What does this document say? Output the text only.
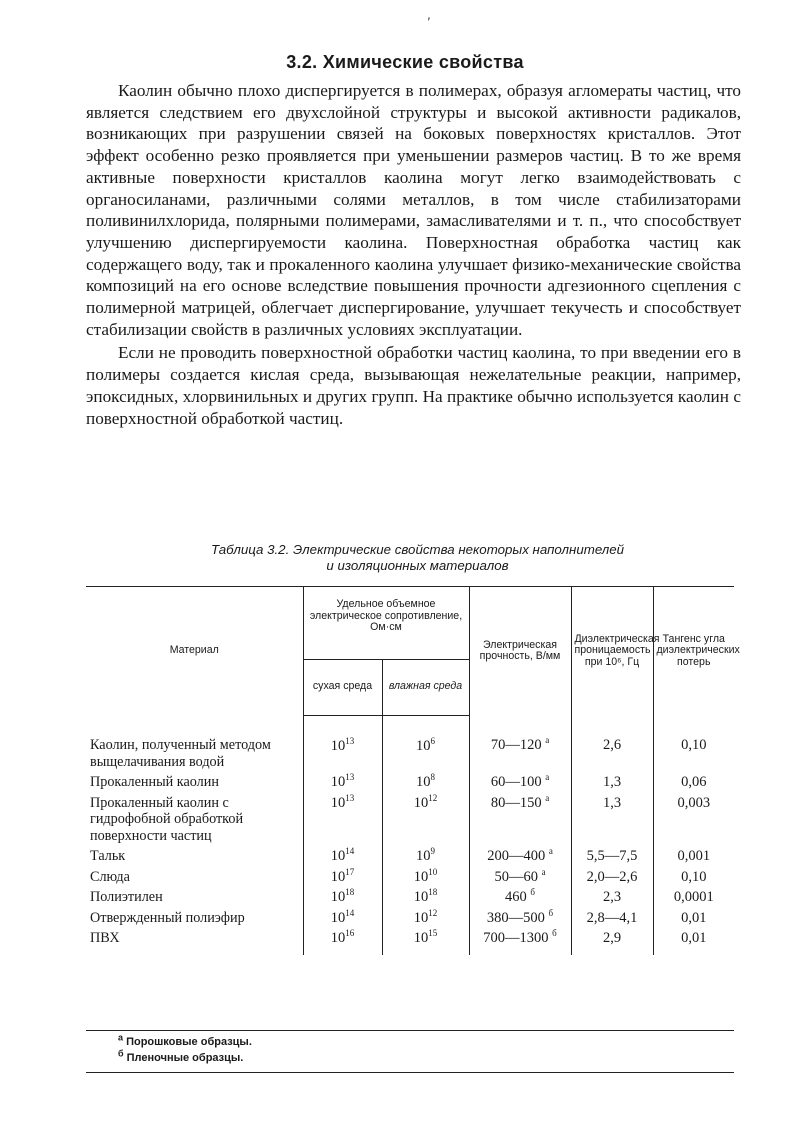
'
3.2. Химические свойства

Каолин обычно плохо диспергируется в полимерах, образуя агломераты частиц, что является следствием его двухслойной структуры и высокой активности радикалов, возникающих при разрушении связей на боковых поверхностях кристаллов. Этот эффект особенно резко проявляется при уменьшении размеров частиц. В то же время активные поверхности кристаллов каолина могут легко взаимодействовать с органосиланами, различными солями металлов, в том числе стабилизаторами поливинилхлорида, полярными полимерами, замасливателями и т. п., что способствует улучшению диспергируемости каолина. Поверхностная обработка частиц как содержащего воду, так и прокаленного каолина улучшает физико-механические свойства композиций на его основе вследствие повышения прочности адгезионного сцепления с полимерной матрицей, облегчает диспергирование, улучшает текучесть и способствует стабилизации свойств в различных условиях эксплуатации.

Если не проводить поверхностной обработки частиц каолина, то при введении его в полимеры создается кислая среда, вызывающая нежелательные реакции, например, эпоксидных, хлорвинильных и других групп. На практике обычно используется каолин с поверхностной обработкой частиц.

Таблица 3.2. Электрические свойства некоторых наполнителей
и изоляционных материалов

Материал	Удельное объемное электрическое сопротивление, Ом·см		Электрическая прочность, В/мм	Диэлектрическая проницаемость при 10⁶, Гц	Тангенс угла диэлектрических потерь
	сухая среда	влажная среда			
Каолин, полученный методом выщелачивания водой	$10^{13}$	$10^6$	70—120 $^а$	2,6	0,10
Прокаленный каолин	$10^{13}$	$10^8$	60—100 $^а$	1,3	0,06
Прокаленный каолин с гидрофобной обработкой поверхности частиц	$10^{13}$	$10^{12}$	80—150 $^а$	1,3	0,003
Тальк	$10^{14}$	$10^9$	200—400 $^а$	5,5—7,5	0,001
Слюда	$10^{17}$	$10^{10}$	50—60 $^а$	2,0—2,6	0,10
Полиэтилен	$10^{18}$	$10^{18}$	460 $^б$	2,3	0,0001
Отвержденный полиэфир	$10^{14}$	$10^{12}$	380—500 $^б$	2,8—4,1	0,01
ПВХ	$10^{16}$	$10^{15}$	700—1300 $^б$	2,9	0,01
$^а$ Порошковые образцы.
$^б$ Пленочные образцы.
